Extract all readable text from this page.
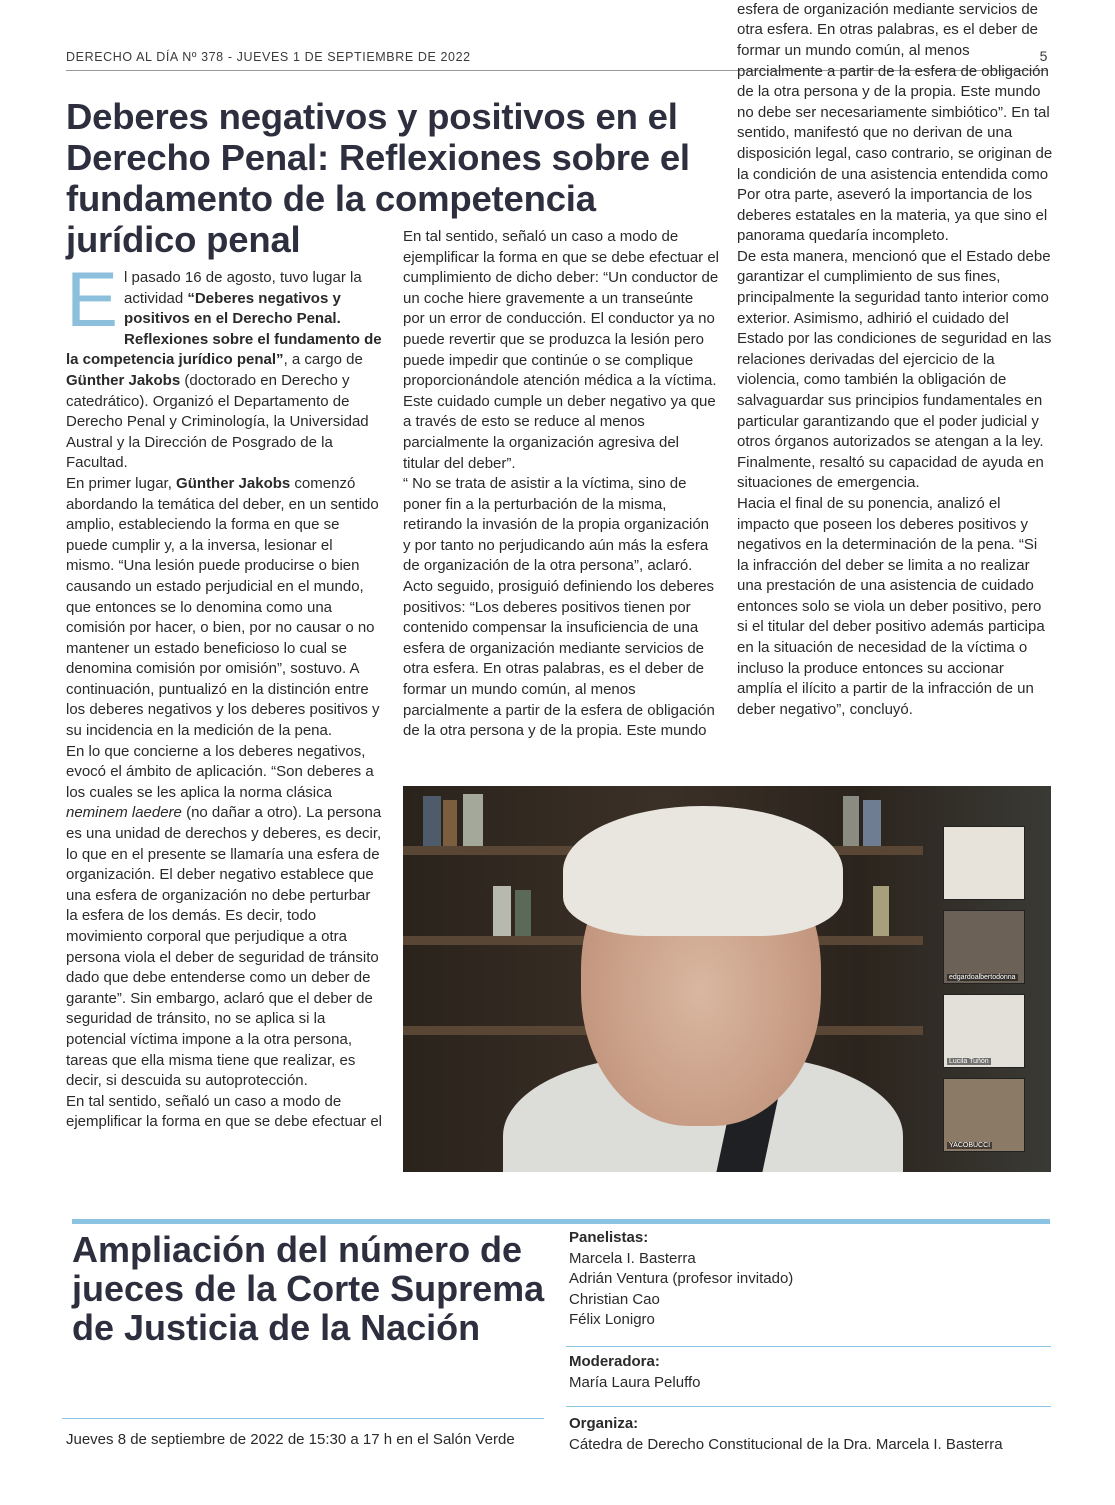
DERECHO AL DÍA Nº 378 - JUEVES 1 DE SEPTIEMBRE DE 2022	5
Deberes negativos y positivos en el Derecho Penal: Reflexiones sobre el fundamento de la competencia jurídico penal

El pasado 16 de agosto, tuvo lugar la actividad “Deberes negativos y positivos en el Derecho Penal. Reflexiones sobre el fundamento de la competencia jurídico penal”, a cargo de Günther Jakobs (doctorado en Derecho y catedrático). Organizó el Departamento de Derecho Penal y Criminología, la Universidad Austral y la Dirección de Posgrado de la Facultad.

En primer lugar, Günther Jakobs comenzó abordando la temática del deber, en un sentido amplio, estableciendo la forma en que se puede cumplir y, a la inversa, lesionar el mismo. “Una lesión puede producirse o bien causando un estado perjudicial en el mundo, que entonces se lo denomina como una comisión por hacer, o bien, por no causar o no mantener un estado beneficioso lo cual se denomina comisión por omisión”, sostuvo. A continuación, puntualizó en la distinción entre los deberes negativos y los deberes positivos y su incidencia en la medición de la pena.

En lo que concierne a los deberes negativos, evocó el ámbito de aplicación. “Son deberes a los cuales se les aplica la norma clásica neminem laedere (no dañar a otro). La persona es una unidad de derechos y deberes, es decir, lo que en el presente se llamaría una esfera de organización. El deber negativo establece que una esfera de organización no debe perturbar la esfera de los demás. Es decir, todo movimiento corporal que perjudique a otra persona viola el deber de seguridad de tránsito dado que debe entenderse como un deber de garante”. Sin embargo, aclaró que el deber de seguridad de tránsito, no se aplica si la potencial víctima impone a la otra persona, tareas que ella misma tiene que realizar, es decir, si descuida su autoprotección.

En tal sentido, señaló un caso a modo de ejemplificar la forma en que se debe efectuar el

En tal sentido, señaló un caso a modo de ejemplificar la forma en que se debe efectuar el cumplimiento de dicho deber: “Un conductor de un coche hiere gravemente a un transeúnte por un error de conducción. El conductor ya no puede revertir que se produzca la lesión pero puede impedir que continúe o se complique proporcionándole atención médica a la víctima. Este cuidado cumple un deber negativo ya que a través de esto se reduce al menos parcialmente la organización agresiva del titular del deber”.

“ No se trata de asistir a la víctima, sino de poner fin a la perturbación de la misma, retirando la invasión de la propia organización y por tanto no perjudicando aún más la esfera de organización de la otra persona”, aclaró.

Acto seguido, prosiguió definiendo los deberes positivos: “Los deberes positivos tienen por contenido compensar la insuficiencia de una esfera de organización mediante servicios de otra esfera. En otras palabras, es el deber de formar un mundo común, al menos parcialmente a partir de la esfera de obligación de la otra persona y de la propia. Este mundo

esfera de organización mediante servicios de otra esfera. En otras palabras, es el deber de formar un mundo común, al menos parcialmente a partir de la esfera de obligación de la otra persona y de la propia. Este mundo no debe ser necesariamente simbiótico”. En tal sentido, manifestó que no derivan de una disposición legal, caso contrario, se originan de la condición de una asistencia entendida como

Por otra parte, aseveró la importancia de los deberes estatales en la materia, ya que sino el panorama quedaría incompleto.

De esta manera, mencionó que el Estado debe garantizar el cumplimiento de sus fines, principalmente la seguridad tanto interior como exterior. Asimismo, adhirió el cuidado del Estado por las condiciones de seguridad en las relaciones derivadas del ejercicio de la violencia, como también la obligación de salvaguardar sus principios fundamentales en particular garantizando que el poder judicial y otros órganos autorizados se atengan a la ley. Finalmente, resaltó su capacidad de ayuda en situaciones de emergencia.

Hacia el final de su ponencia, analizó el impacto que poseen los deberes positivos y negativos en la determinación de la pena. “Si la infracción del deber se limita a no realizar una prestación de una asistencia de cuidado entonces solo se viola un deber positivo, pero si el titular del deber positivo además participa en la situación de necesidad de la víctima o incluso la produce entonces su accionar amplía el ilícito a partir de la infracción de un deber negativo”, concluyó.

edgardoalbertodonna
Lucila Tuñón
YACOBUCCI
Ampliación del número de jueces de la Corte Suprema de Justicia de la Nación
Jueves 8 de septiembre de 2022 de 15:30 a 17 h en el Salón Verde

Panelistas:

Marcela I. Basterra

Adrián Ventura (profesor invitado)

Christian Cao

Félix Lonigro

Moderadora:

María Laura Peluffo

Organiza:

Cátedra de Derecho Constitucional de la Dra. Marcela I. Basterra
